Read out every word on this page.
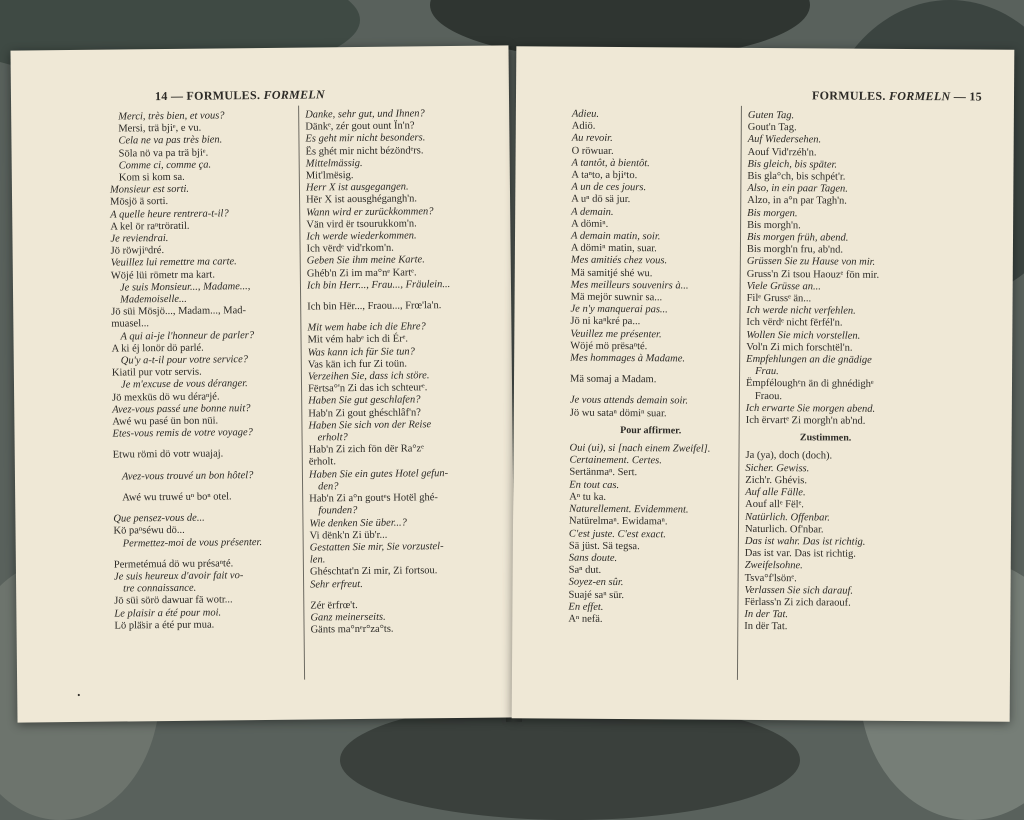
14 — FORMULES. FORMELN
Merci, très bien, et vous?
Mersi, trä bjiᵉ, e vu.
Cela ne va pas très bien.
Söla nö va pa trä bjiᵉ.
Comme ci, comme ça.
Kom si kom sa.
Monsieur est sorti.
Mösjö ä sorti.
A quelle heure rentrera-t-il?
A kel ör raⁿtröratil.
Je reviendrai.
Jö röwjiⁿdré.
Veuillez lui remettre ma carte.
Wöjé lüi römetr ma kart.
Je suis Monsieur..., Madame...,
Mademoiselle...
Jö süi Mösjö..., Madam..., Mad-
muasel...
A qui ai-je l'honneur de parler?
A ki éj lonör dö parlé.
Qu'y a-t-il pour votre service?
Kiatil pur votr servis.
Je m'excuse de vous déranger.
Jö mexküs dö wu déraⁿjé.
Avez-vous passé une bonne nuit?
Awé wu pasé ün bon nüi.
Etes-vous remis de votre voyage?
Etwu römi dö votr wuajaj.
Avez-vous trouvé un bon hôtel?
Awé wu truwé uⁿ boⁿ otel.
Que pensez-vous de...
Kö paⁿséwu dö...
Permettez-moi de vous présenter.
Permetémuá dö wu présaⁿté.
Je suis heureux d'avoir fait vo-
tre connaissance.
Jö süi sörö dawuar fä wotr...
Le plaisir a été pour moi.
Lö plä̈sir a été pur mua.
Danke, sehr gut, und Ihnen?
Dänkᵉ, zér gout ount Ïn'n?
Es geht mir nicht besonders.
Ës ghét mir nicht bézöndᵉrs.
Mittelmässig.
Mit'lmësig.
Herr X ist ausgegangen.
Hër X ist aousghégangh'n.
Wann wird er zurückkommen?
Vän vird ër tsourukkom'n.
Ich werde wiederkommen.
Ich vërdᵉ vid'rkom'n.
Geben Sie ihm meine Karte.
Ghéb'n Zi im ma°nᵉ Kartᵉ.
Ich bin Herr..., Frau..., Fräulein...
Ich bin Hër..., Fraou..., Frœ'la'n.
Mit wem habe ich die Ehre?
Mit vém habᵉ ich di Érᵉ.
Was kann ich für Sie tun?
Vas kän ich fur Zi toün.
Verzeihen Sie, dass ich störe.
Fërtsa°'n Zi das ich schteurᵉ.
Haben Sie gut geschlafen?
Hab'n Zi gout ghéschlâf'n?
Haben Sie sich von der Reise
erholt?
Hab'n Zi zich fön dër Ra°zᵉ
ërholt.
Haben Sie ein gutes Hotel gefun-
den?
Hab'n Zi a°n goutᵉs Hotël ghé-
founden?
Wie denken Sie über...?
Vi dënk'n Zi üb'r...
Gestatten Sie mir, Sie vorzustel-
len.
Ghéschtat'n Zi mir, Zi fortsou.
Sehr erfreut.
Zér ërfrœ't.
Ganz meinerseits.
Gänts ma°nᵉr°za°ts.
•
FORMULES. FORMELN — 15
Adieu.
Adiö.
Au revoir.
O röwuar.
A tantôt, à bientôt.
A taⁿto, a bjiᵉto.
A un de ces jours.
A uⁿ dö sä jur.
A demain.
A dömiⁿ.
A demain matin, soir.
A dömiⁿ matin, suar.
Mes amitiés chez vous.
Mä samitjé shé wu.
Mes meilleurs souvenirs à...
Mä mejör suwnir sa...
Je n'y manquerai pas...
Jö ni kaⁿkré pa...
Veuillez me présenter.
Wöjé mö prësaⁿté.
Mes hommages à Madame.
Mä somaj a Madam.
Je vous attends demain soir.
Jö wu sataⁿ dömiⁿ suar.
Pour affirmer.
Oui (ui), si [nach einem Zweifel].
Certainement. Certes.
Sertänmaⁿ. Sert.
En tout cas.
Aⁿ tu ka.
Naturellement. Evidemment.
Natürelmaⁿ. Ewidamaⁿ.
C'est juste. C'est exact.
Sä jüst. Sä tegsa.
Sans doute.
Saⁿ dut.
Soyez-en sûr.
Suajé saⁿ sür.
En effet.
Aⁿ nefä.
Guten Tag.
Gout'n Tag.
Auf Wiedersehen.
Aouf Vid'rzéh'n.
Bis gleich, bis später.
Bis gla°ch, bis schpét'r.
Also, in ein paar Tagen.
Alzo, in a°n par Tagh'n.
Bis morgen.
Bis morgh'n.
Bis morgen früh, abend.
Bis morgh'n fru, ab'nd.
Grüssen Sie zu Hause von mir.
Gruss'n Zi tsou Haouzᵉ fön mir.
Viele Grüsse an...
Filᵉ Grussᵉ än...
Ich werde nicht verfehlen.
Ich vërdᵉ nicht fërfél'n.
Wollen Sie mich vorstellen.
Vol'n Zi mich forschtël'n.
Empfehlungen an die gnädige
Frau.
Ëmpféloughᵉn än di ghnédighᵉ
Fraou.
Ich erwarte Sie morgen abend.
Ich ërvartᵉ Zi morgh'n ab'nd.
Zustimmen.
Ja (ya), doch (doch).
Sicher. Gewiss.
Zich'r. Ghévis.
Auf alle Fälle.
Aouf allᵉ Fëlᵉ.
Natürlich. Offenbar.
Naturlich. Of'nbar.
Das ist wahr. Das ist richtig.
Das ist var. Das ist richtig.
Zweifelsohne.
Tsva°f'lsönᵉ.
Verlassen Sie sich darauf.
Fërlass'n Zi zich daraouf.
In der Tat.
In dër Tat.
